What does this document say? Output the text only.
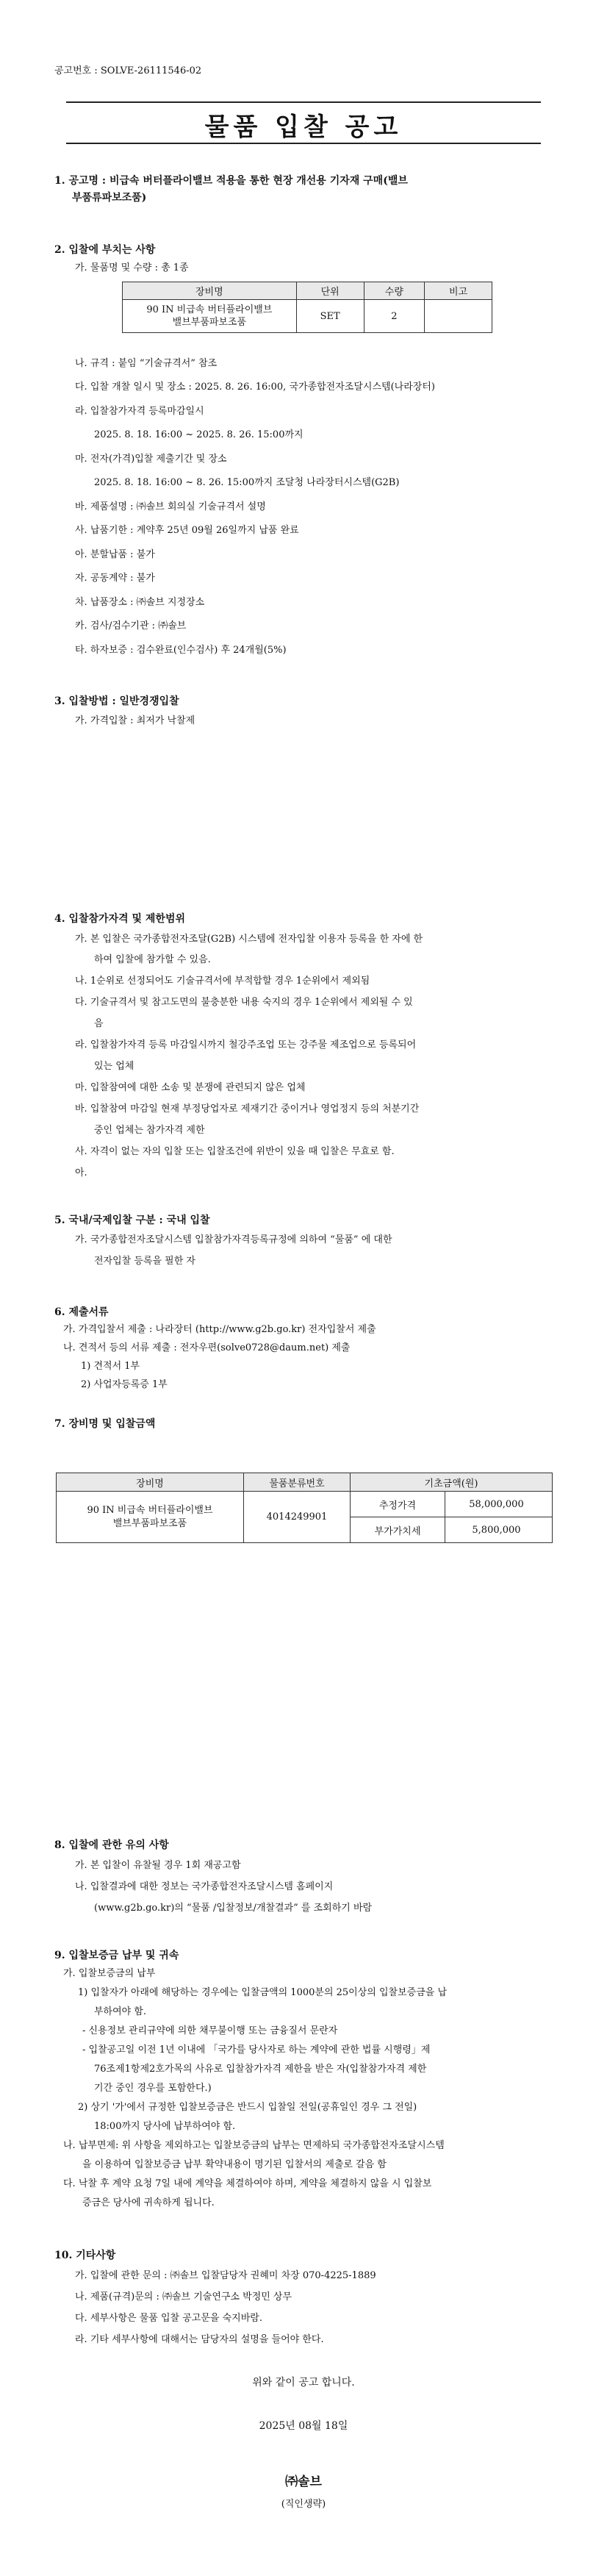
공고번호 : SOLVE-26111546-02
물품 입찰 공고
1. 공고명 : 비급속 버터플라이밸브 적용을 통한 현장 개선용 기자재 구매(밸브
부품류파보조품)
2. 입찰에 부치는 사항
가. 물품명 및 수량 : 총 1종
장비명	단위	수량	비고

90 IN 비급속 버터플라이밸브
밸브부품파보조품	SET	2	
나. 규격 : 붙임 “기술규격서” 참조
다. 입찰 개찰 일시 및 장소 : 2025. 8. 26. 16:00, 국가종합전자조달시스템(나라장터)
라. 입찰참가자격 등록마감일시
2025. 8. 18. 16:00 ~ 2025. 8. 26. 15:00까지
마. 전자(가격)입찰 제출기간 및 장소
2025. 8. 18. 16:00 ~ 8. 26. 15:00까지 조달청 나라장터시스템(G2B)
바. 제품설명 : ㈜솔브 회의실 기술규격서 설명
사. 납품기한 : 계약후 25년 09월 26일까지 납품 완료
아. 분할납품 : 불가
자. 공동계약 : 불가
차. 납품장소 : ㈜솔브 지정장소
카. 검사/검수기관 : ㈜솔브
타. 하자보증 : 검수완료(인수검사) 후 24개월(5%)
3. 입찰방법 : 일반경쟁입찰
가. 가격입찰 : 최저가 낙찰제
4. 입찰참가자격 및 제한범위
가. 본 입찰은 국가종합전자조달(G2B) 시스템에 전자입찰 이용자 등록을 한 자에 한
하여 입찰에 참가할 수 있음.
나. 1순위로 선정되어도 기술규격서에 부적합할 경우 1순위에서 제외됨
다. 기술규격서 및 참고도면의 불충분한 내용 숙지의 경우 1순위에서 제외될 수 있
음
라. 입찰참가자격 등록 마감일시까지 철강주조업 또는 강주물 제조업으로 등록되어
있는 업체
마. 입찰참여에 대한 소송 및 분쟁에 관련되지 않은 업체
바. 입찰참여 마감일 현재 부정당업자로 제재기간 중이거나 영업정지 등의 처분기간
중인 업체는 참가자격 제한
사. 자격이 없는 자의 입찰 또는 입찰조건에 위반이 있을 때 입찰은 무효로 함.
아.
5. 국내/국제입찰 구분 : 국내 입찰
가. 국가종합전자조달시스템 입찰참가자격등록규정에 의하여 “물품” 에 대한
전자입찰 등록을 필한 자
6. 제출서류
가. 가격입찰서 제출 : 나라장터 (http://www.g2b.go.kr) 전자입찰서 제출
나. 견적서 등의 서류 제출 : 전자우편(solve0728@daum.net) 제출
1) 견적서 1부
2) 사업자등록증 1부
7. 장비명 및 입찰금액
장비명	물품분류번호	기초금액(원)	

90 IN 비급속 버터플라이밸브
밸브부품파보조품	4014249901	추정가격	58,000,000
		부가가치세	5,800,000
8. 입찰에 관한 유의 사항
가. 본 입찰이 유찰될 경우 1회 재공고함
나. 입찰결과에 대한 정보는 국가종합전자조달시스템 홈페이지
(www.g2b.go.kr)의 “물품 /입찰정보/개찰결과” 를 조회하기 바람
9. 입찰보증금 납부 및 귀속
가. 입찰보증금의 납부
1) 입찰자가 아래에 해당하는 경우에는 입찰금액의 1000분의 25이상의 입찰보증금을 납
부하여야 함.
- 신용정보 관리규약에 의한 채무불이행 또는 금융질서 문란자
- 입찰공고일 이전 1년 이내에 「국가를 당사자로 하는 계약에 관한 법률 시행령」제
76조제1항제2호가목의 사유로 입찰참가자격 제한을 받은 자(입찰참가자격 제한
기간 중인 경우를 포함한다.)
2) 상기 '가'에서 규정한 입찰보증금은 반드시 입찰일 전일(공휴일인 경우 그 전일)
18:00까지 당사에 납부하여야 함.
나. 납부면제: 위 사항을 제외하고는 입찰보증금의 납부는 면제하되 국가종합전자조달시스템
을 이용하여 입찰보증금 납부 확약내용이 명기된 입찰서의 제출로 갈음 함
다. 낙찰 후 계약 요청 7일 내에 계약을 체결하여야 하며, 계약을 체결하지 않을 시 입찰보
증금은 당사에 귀속하게 됩니다.
10. 기타사항
가. 입찰에 관한 문의 : ㈜솔브 입찰담당자 권혜미 차장 070-4225-1889
나. 제품(규격)문의 : ㈜솔브 기술연구소 박정민 상무
다. 세부사항은 물품 입찰 공고문을 숙지바람.
라. 기타 세부사항에 대해서는 담당자의 설명을 들어야 한다.
위와 같이 공고 합니다.
2025년 08월 18일
㈜솔브
(직인생략)
